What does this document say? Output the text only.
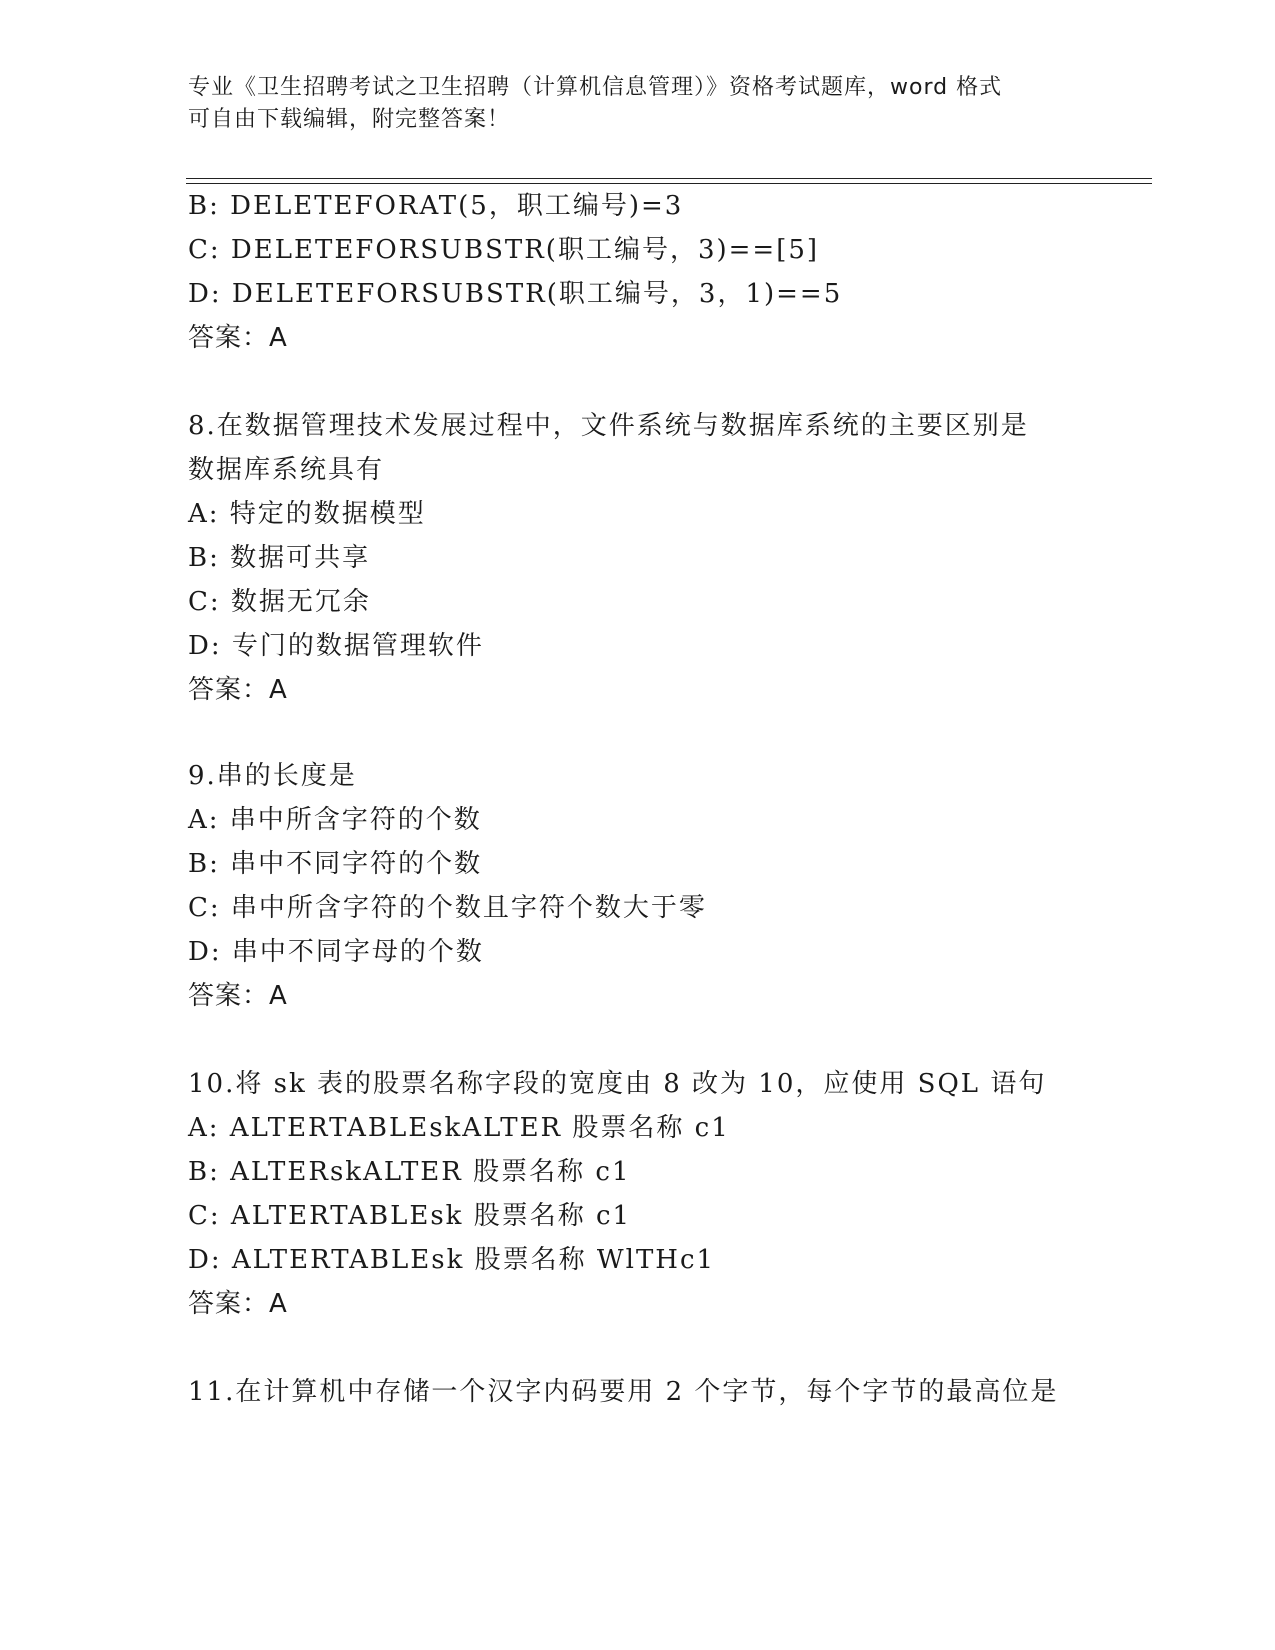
专业《卫生招聘考试之卫生招聘（计算机信息管理）》资格考试题库，word 格式
可自由下载编辑，附完整答案！
B: DELETEFORAT(5，职工编号)=3
C: DELETEFORSUBSTR(职工编号，3)==[5]
D: DELETEFORSUBSTR(职工编号，3，1)==5
答案：A
8.在数据管理技术发展过程中，文件系统与数据库系统的主要区别是
数据库系统具有
A: 特定的数据模型
B: 数据可共享
C: 数据无冗余
D: 专门的数据管理软件
答案：A
9.串的长度是
A: 串中所含字符的个数
B: 串中不同字符的个数
C: 串中所含字符的个数且字符个数大于零
D: 串中不同字母的个数
答案：A
10.将 sk 表的股票名称字段的宽度由 8 改为 10，应使用 SQL 语句
A: ALTERTABLEskALTER 股票名称 c1
B: ALTERskALTER 股票名称 c1
C: ALTERTABLEsk 股票名称 c1
D: ALTERTABLEsk 股票名称 WlTHc1
答案：A
11.在计算机中存储一个汉字内码要用 2 个字节，每个字节的最高位是
